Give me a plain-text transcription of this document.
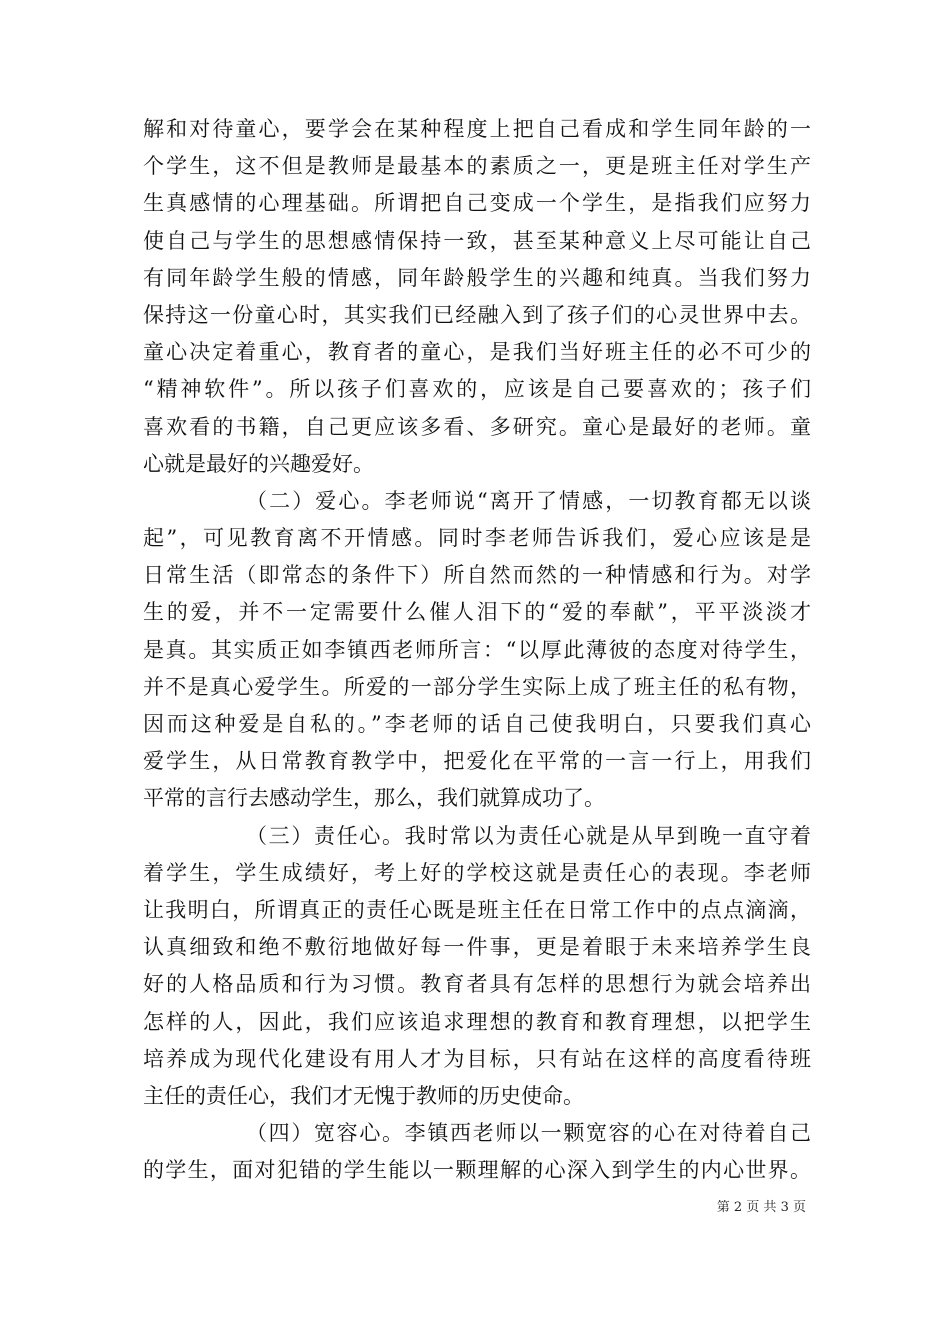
解和对待童心，要学会在某种程度上把自己看成和学生同年龄的一
个学生，这不但是教师是最基本的素质之一，更是班主任对学生产
生真感情的心理基础。所谓把自己变成一个学生，是指我们应努力
使自己与学生的思想感情保持一致，甚至某种意义上尽可能让自己
有同年龄学生般的情感，同年龄般学生的兴趣和纯真。当我们努力
保持这一份童心时，其实我们已经融入到了孩子们的心灵世界中去。
童心决定着重心，教育者的童心，是我们当好班主任的必不可少的
“精神软件”。所以孩子们喜欢的，应该是自己要喜欢的；孩子们
喜欢看的书籍，自己更应该多看、多研究。童心是最好的老师。童
心就是最好的兴趣爱好。
（二）爱心。李老师说“离开了情感，一切教育都无以谈
起”，可见教育离不开情感。同时李老师告诉我们，爱心应该是是
日常生活（即常态的条件下）所自然而然的一种情感和行为。对学
生的爱，并不一定需要什么催人泪下的“爱的奉献”，平平淡淡才
是真。其实质正如李镇西老师所言：“以厚此薄彼的态度对待学生，
并不是真心爱学生。所爱的一部分学生实际上成了班主任的私有物，
因而这种爱是自私的。”李老师的话自己使我明白，只要我们真心
爱学生，从日常教育教学中，把爱化在平常的一言一行上，用我们
平常的言行去感动学生，那么，我们就算成功了。
（三）责任心。我时常以为责任心就是从早到晚一直守着
着学生，学生成绩好，考上好的学校这就是责任心的表现。李老师
让我明白，所谓真正的责任心既是班主任在日常工作中的点点滴滴，
认真细致和绝不敷衍地做好每一件事，更是着眼于未来培养学生良
好的人格品质和行为习惯。教育者具有怎样的思想行为就会培养出
怎样的人，因此，我们应该追求理想的教育和教育理想，以把学生
培养成为现代化建设有用人才为目标，只有站在这样的高度看待班
主任的责任心，我们才无愧于教师的历史使命。
（四）宽容心。李镇西老师以一颗宽容的心在对待着自己
的学生，面对犯错的学生能以一颗理解的心深入到学生的内心世界。
第 2 页 共 3 页
